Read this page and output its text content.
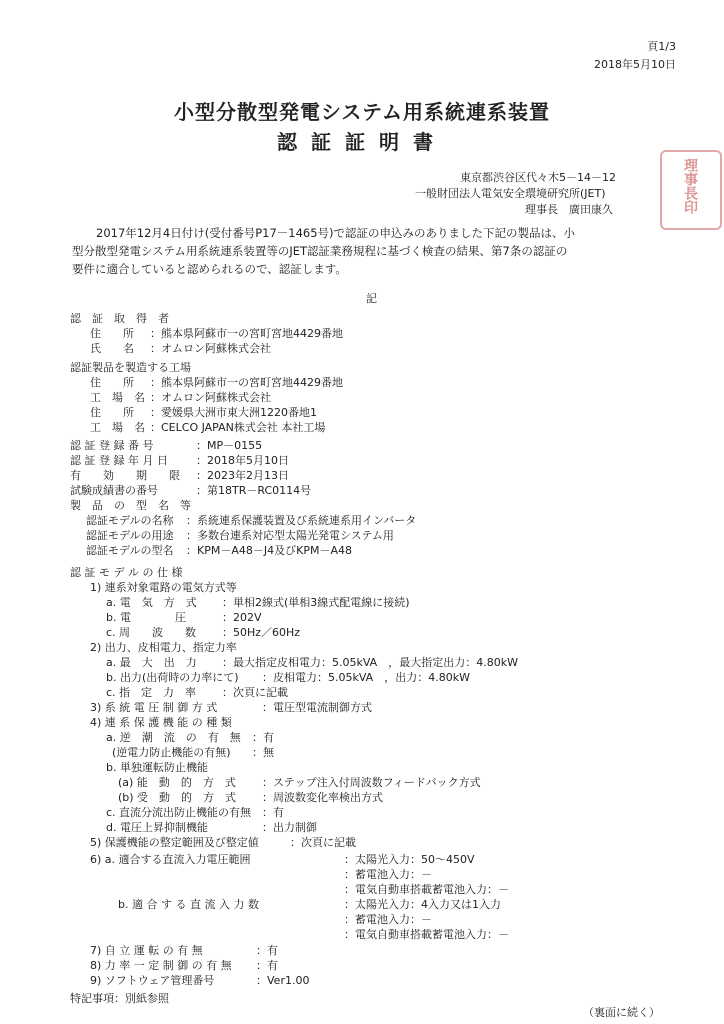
頁1/3
2018年5月10日
小型分散型発電システム用系統連系装置
認証証明書
東京都渋谷区代々木5－14－12
一般財団法人電気安全環境研究所(JET)
理事長　廣田康久	理事長印
2017年12月4日付け(受付番号P17－1465号)で認証の申込みのありました下記の製品は、小
型分散型発電システム用系統連系装置等のJET認証業務規程に基づく検査の結果、第7条の認証の
要件に適合していると認められるので、認証します。
記
認　証　取　得　者
住　　所 ：熊本県阿蘇市一の宮町宮地4429番地
氏　　名 ：オムロン阿蘇株式会社
認証製品を製造する工場
住　　所 ：熊本県阿蘇市一の宮町宮地4429番地
工　場　名 ：オムロン阿蘇株式会社
住　　所 ：愛媛県大洲市東大洲1220番地1
工　場　名 ：CELCO JAPAN株式会社 本社工場
認 証 登 録 番 号	：MP－0155
認 証 登 録 年 月 日	：2018年5月10日
有　　効　　期　　限 ：2023年2月13日
試験成績書の番号	：第18TR－RC0114号
製　品　の　型　名　等
認証モデルの名称 ：系統連系保護装置及び系統連系用インバータ
認証モデルの用途 ：多数台連系対応型太陽光発電システム用
認証モデルの型名 ：KPM－A48－J4及びKPM－A48
認 証 モ デ ル の 仕 様
1) 連系対象電路の電気方式等
a. 電　気　方　式 ：単相2線式(単相3線式配電線に接続)
b. 電　　　　圧	：202V
c. 周　　波　　数 ：50Hz／60Hz
2) 出力、皮相電力、指定力率
a. 最　大　出　力 ：最大指定皮相電力：5.05kVA　，最大指定出力：4.80kW
b. 出力(出荷時の力率にて) ：皮相電力：5.05kVA　，出力：4.80kW
c. 指　定　力　率 ：次頁に記載
3) 系 統 電 圧 制 御 方 式	：電圧型電流制御方式
4) 連 系 保 護 機 能 の 種 類
a. 逆　潮　流　の　有　無 ：有
(逆電力防止機能の有無) ：無
b. 単独運転防止機能
(a) 能　動　的　方　式 ：ステップ注入付周波数フィードバック方式
(b) 受　動　的　方　式 ：周波数変化率検出方式
c. 直流分流出防止機能の有無 ：有
d. 電圧上昇抑制機能	：出力制御
5) 保護機能の整定範囲及び整定値	：次頁に記載
6) a. 適合する直流入力電圧範囲	：太陽光入力：50～450V
：蓄電池入力：－
：電気自動車搭載蓄電池入力：－
b. 適 合 す る 直 流 入 力 数	：太陽光入力：4入力又は1入力
：蓄電池入力：－
：電気自動車搭載蓄電池入力：－
7) 自 立 運 転 の 有 無	：有
8) 力 率 一 定 制 御 の 有 無 ：有
9) ソフトウェア管理番号	：Ver1.00
特記事項：別紙参照
（裏面に続く）
